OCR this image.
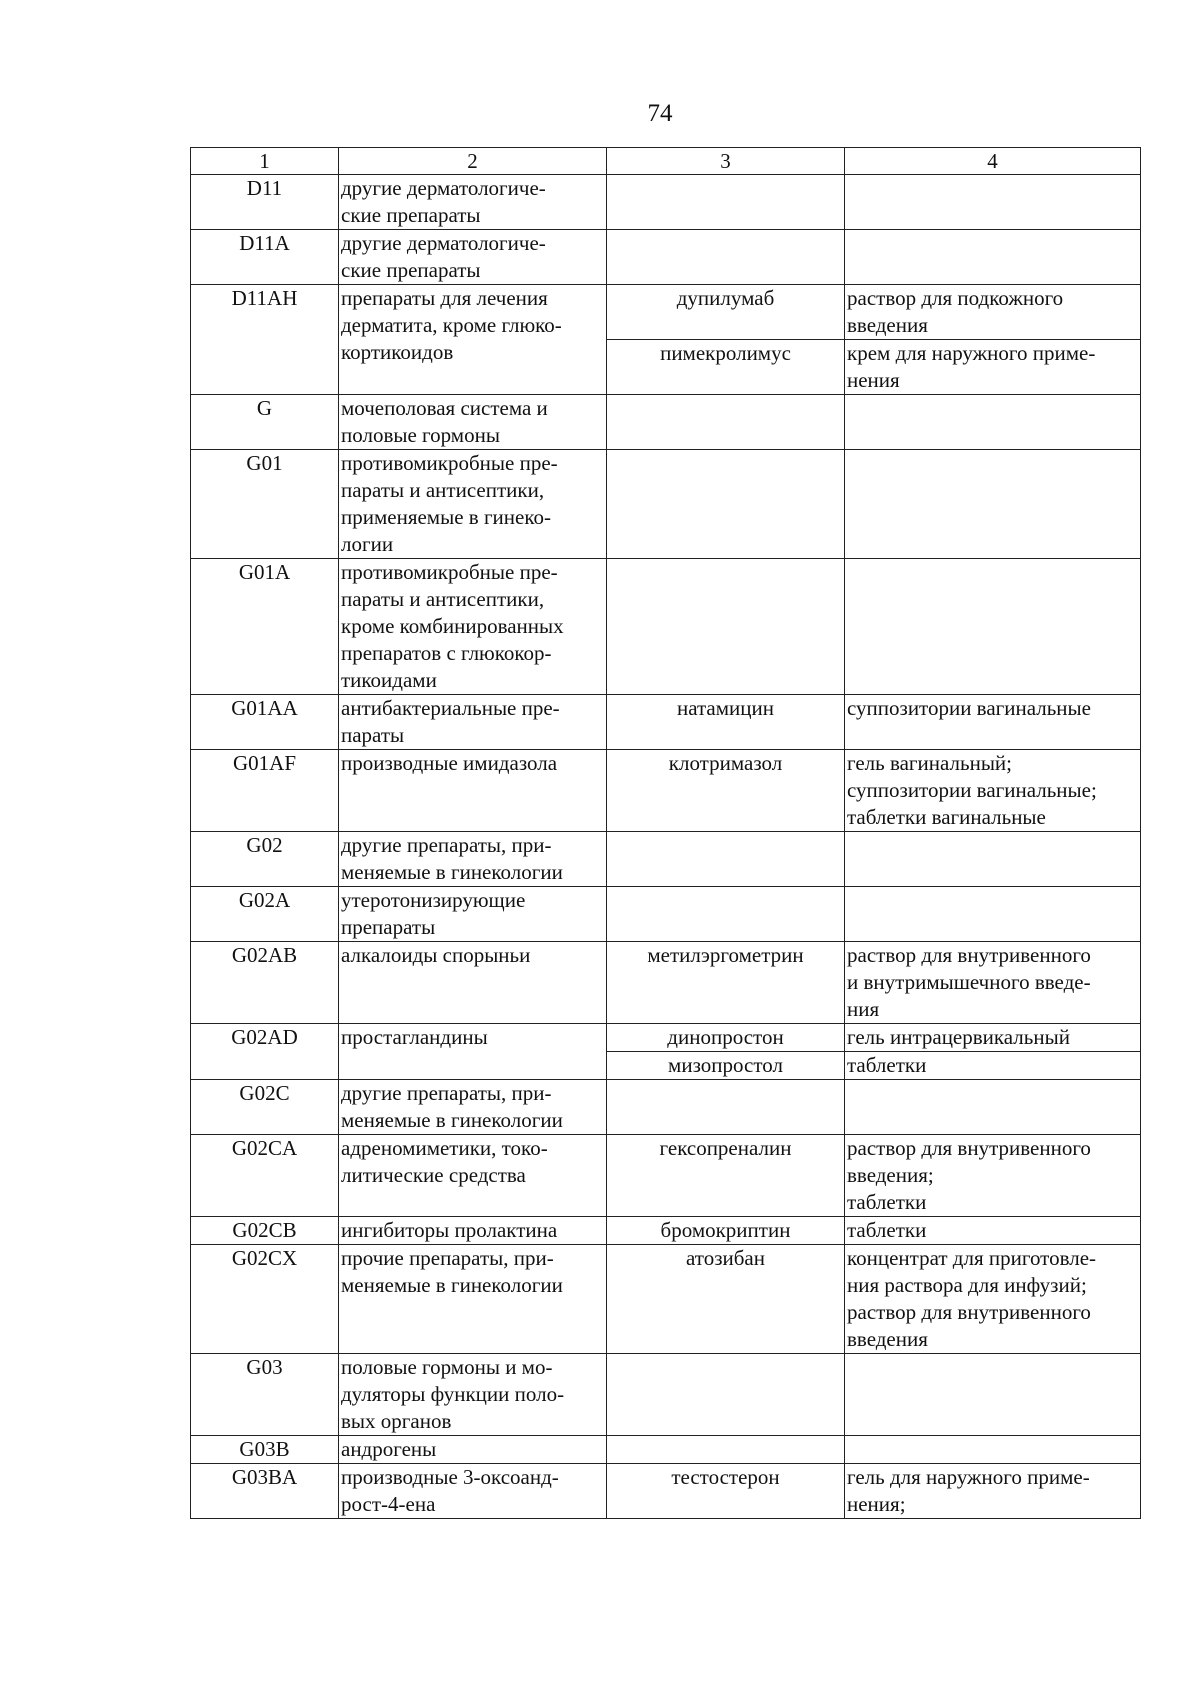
74
1	2	3	4
D11	другие дерматологиче-
ские препараты		
D11A	другие дерматологиче-
ские препараты		
D11AH	препараты для лечения
дерматита, кроме глюко-
кортикоидов	дупилумаб	раствор для подкожного
введения
		пимекролимус	крем для наружного приме-
нения
G	мочеполовая система и
половые гормоны		
G01	противомикробные пре-
параты и антисептики,
применяемые в гинеко-
логии		
G01A	противомикробные пре-
параты и антисептики,
кроме комбинированных
препаратов с глюкокор-
тикоидами		
G01AA	антибактериальные пре-
параты	натамицин	суппозитории вагинальные
G01AF	производные имидазола	клотримазол	гель вагинальный;
суппозитории вагинальные;
таблетки вагинальные
G02	другие препараты, при-
меняемые в гинекологии		
G02A	утеротонизирующие
препараты		
G02AB	алкалоиды спорыньи	метилэргометрин	раствор для внутривенного
и внутримышечного введе-
ния
G02AD	простагландины	динопростон	гель интрацервикальный
		мизопростол	таблетки
G02C	другие препараты, при-
меняемые в гинекологии		
G02CA	адреномиметики, токо-
литические средства	гексопреналин	раствор для внутривенного
введения;
таблетки
G02CB	ингибиторы пролактина	бромокриптин	таблетки
G02CX	прочие препараты, при-
меняемые в гинекологии	атозибан	концентрат для приготовле-
ния раствора для инфузий;
раствор для внутривенного
введения
G03	половые гормоны и мо-
дуляторы функции поло-
вых органов		
G03B	андрогены		
G03BA	производные 3-оксоанд-
рост-4-ена	тестостерон	гель для наружного приме-
нения;
